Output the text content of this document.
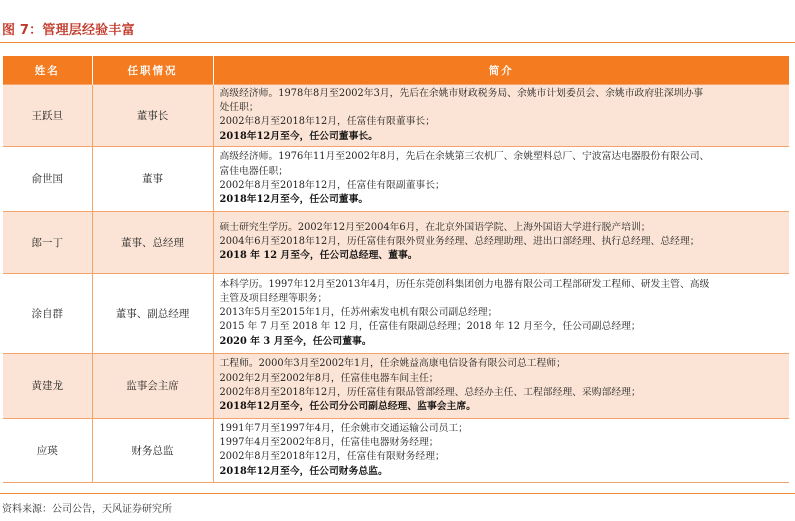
图 7：管理层经验丰富
姓名	任职情况	简介
王跃旦	董事长	高级经济师。1978年8月至2002年3月，先后在余姚市财政税务局、余姚市计划委员会、余姚市政府驻深圳办事
处任职；
2002年8月至2018年12月，任富佳有限董事长；
2018年12月至今，任公司董事长。

俞世国	董事	高级经济师。1976年11月至2002年8月，先后在余姚第三农机厂、余姚塑料总厂、宁波富达电器股份有限公司、
富佳电器任职；
2002年8月至2018年12月，任富佳有限副董事长；
2018年12月至今，任公司董事。

郎一丁	董事、总经理	硕士研究生学历。2002年12月至2004年6月，在北京外国语学院、上海外国语大学进行脱产培训；
2004年6月至2018年12月，历任富佳有限外贸业务经理、总经理助理、进出口部经理、执行总经理、总经理；
2018 年 12 月至今，任公司总经理、董事。

涂自群	董事、副总经理	本科学历。1997年12月至2013年4月，历任东莞创科集团创力电器有限公司工程部研发工程师、研发主管、高级
主管及项目经理等职务；
2013年5月至2015年1月，任苏州索发电机有限公司副总经理；
2015 年 7 月至 2018 年 12 月，任富佳有限副总经理；2018 年 12 月至今，任公司副总经理；
2020 年 3 月至今，任公司董事。

黄建龙	监事会主席	工程师。2000年3月至2002年1月，任余姚益高康电信设备有限公司总工程师；
2002年2月至2002年8月，任富佳电器车间主任；
2002年8月至2018年12月，历任富佳有限品管部经理、总经办主任、工程部经理、采购部经理；
2018年12月至今，任公司分公司副总经理、监事会主席。

应瑛	财务总监	1991年7月至1997年4月，任余姚市交通运输公司员工；
1997年4月至2002年8月，任富佳电器财务经理；
2002年8月至2018年12月，任富佳有限财务经理；
2018年12月至今，任公司财务总监。
资料来源：公司公告，天风证券研究所
